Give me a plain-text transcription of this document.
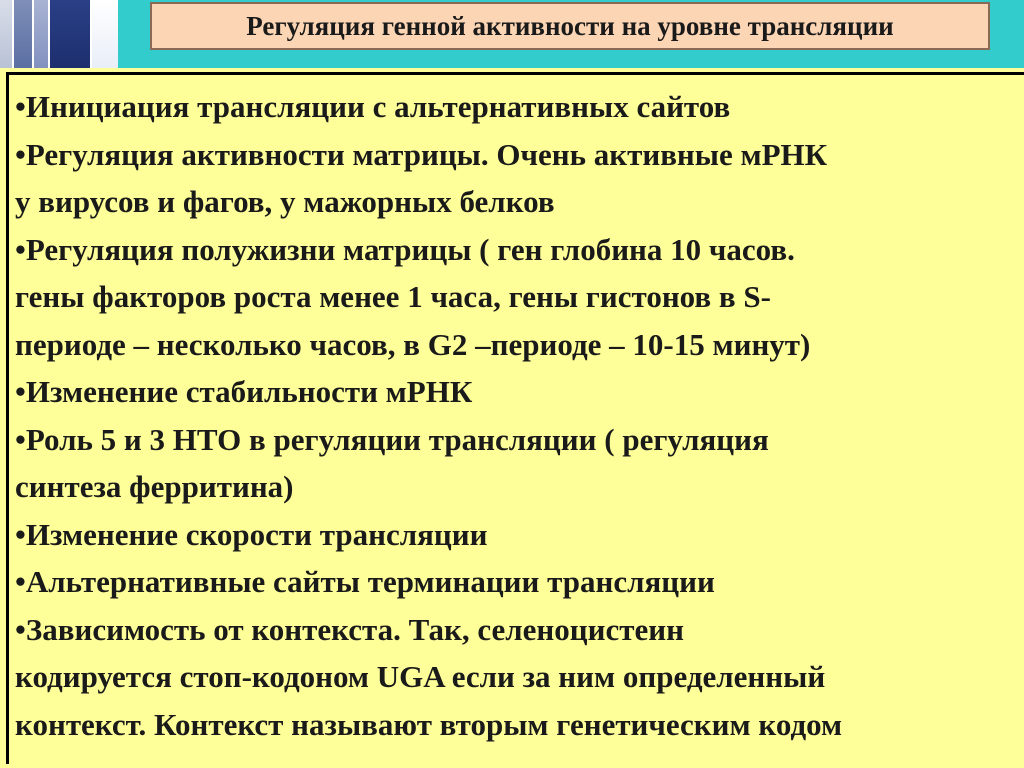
Регуляция генной активности на уровне трансляции
•Инициация трансляции с альтернативных сайтов
•Регуляция активности матрицы. Очень активные мРНК
у вирусов и фагов, у мажорных белков
•Регуляция полужизни матрицы ( ген глобина 10 часов.
гены факторов роста менее 1 часа, гены гистонов в S-
периоде – несколько часов, в G2 –периоде – 10-15 минут)
•Изменение стабильности мРНК
•Роль 5 и 3 НТО в регуляции трансляции ( регуляция
синтеза ферритина)
•Изменение скорости трансляции
•Альтернативные сайты терминации трансляции
•Зависимость от контекста. Так, селеноцистеин
кодируется стоп-кодоном UGA если за ним определенный
контекст. Контекст называют вторым генетическим кодом
